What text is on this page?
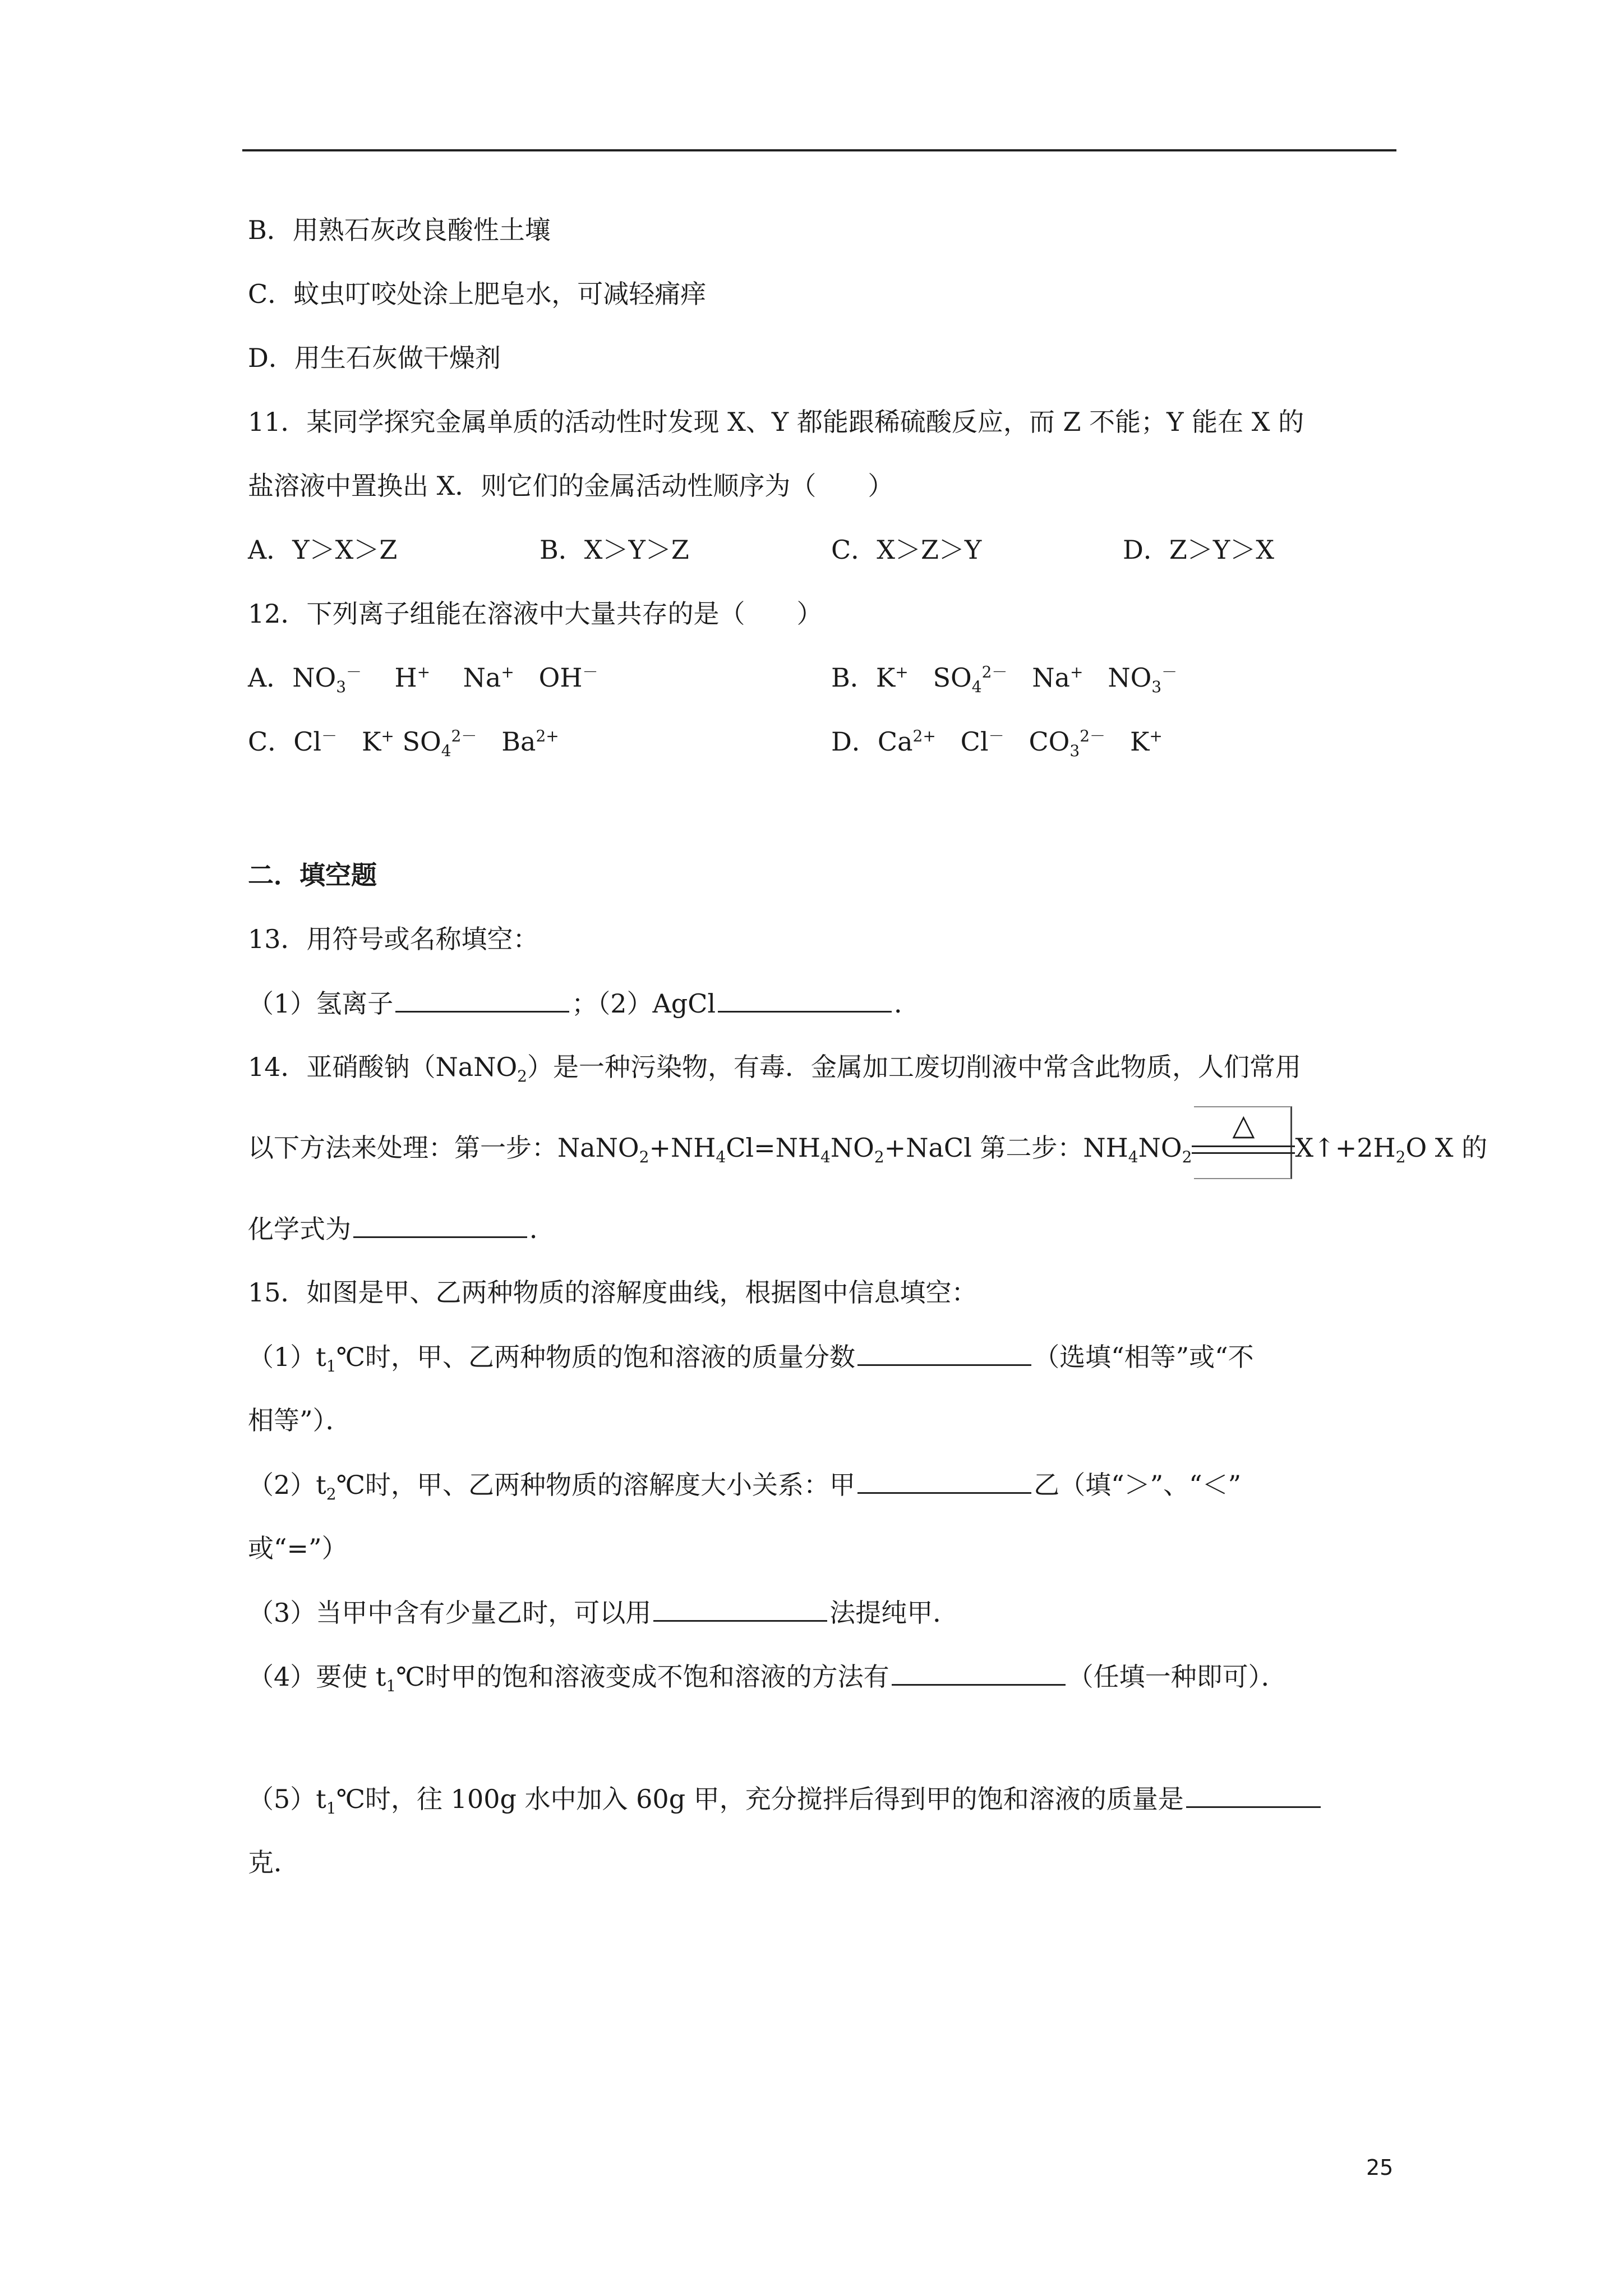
B．用熟石灰改良酸性土壤
C．蚊虫叮咬处涂上肥皂水，可减轻痛痒
D．用生石灰做干燥剂
11．某同学探究金属单质的活动性时发现 X、Y 都能跟稀硫酸反应，而 Z 不能；Y 能在 X 的
盐溶液中置换出 X．则它们的金属活动性顺序为（　　）
A．Y＞X＞Z	B．X＞Y＞Z	C．X＞Z＞Y	D．Z＞Y＞X
12．下列离子组能在溶液中大量共存的是（　　）
A．$NO_3^-$ H+ Na+ OH－	B．K+ $SO_4^{2-}$ Na+ $NO_3^-$
C．Cl－ K+ $SO_4^{2-}$ $Ba^{2+}$	D．$Ca^{2+}$ Cl－ $CO_3^{2-}$ K+
二．填空题
13．用符号或名称填空：
（1）氢离子	；（2）AgCl	．
14．亚硝酸钠（NaNO$_2$）是一种污染物，有毒．金属加工废切削液中常含此物质，人们常用
以下方法来处理：第一步：$NaNO_2+NH_4Cl=NH_4NO_2+NaCl$ 第二步：$NH_4NO_2$
△
$X↑+2H_2O$ X 的
化学式为	．
15．如图是甲、乙两种物质的溶解度曲线，根据图中信息填空：
$(1)t_1℃$时，甲、乙两种物质的饱和溶液的质量分数	（选填“相等”或“不
相等”）．
$(2)t_2℃$时，甲、乙两种物质的溶解度大小关系：甲	乙（填“＞”、“＜”
或“=”）
（3）当甲中含有少量乙时，可以用	法提纯甲．
（4）要使 $t_1℃$时甲的饱和溶液变成不饱和溶液的方法有	（任填一种即可）．
$(5)t_1℃$时，往 100g 水中加入 60g 甲，充分搅拌后得到甲的饱和溶液的质量是
克．
25
